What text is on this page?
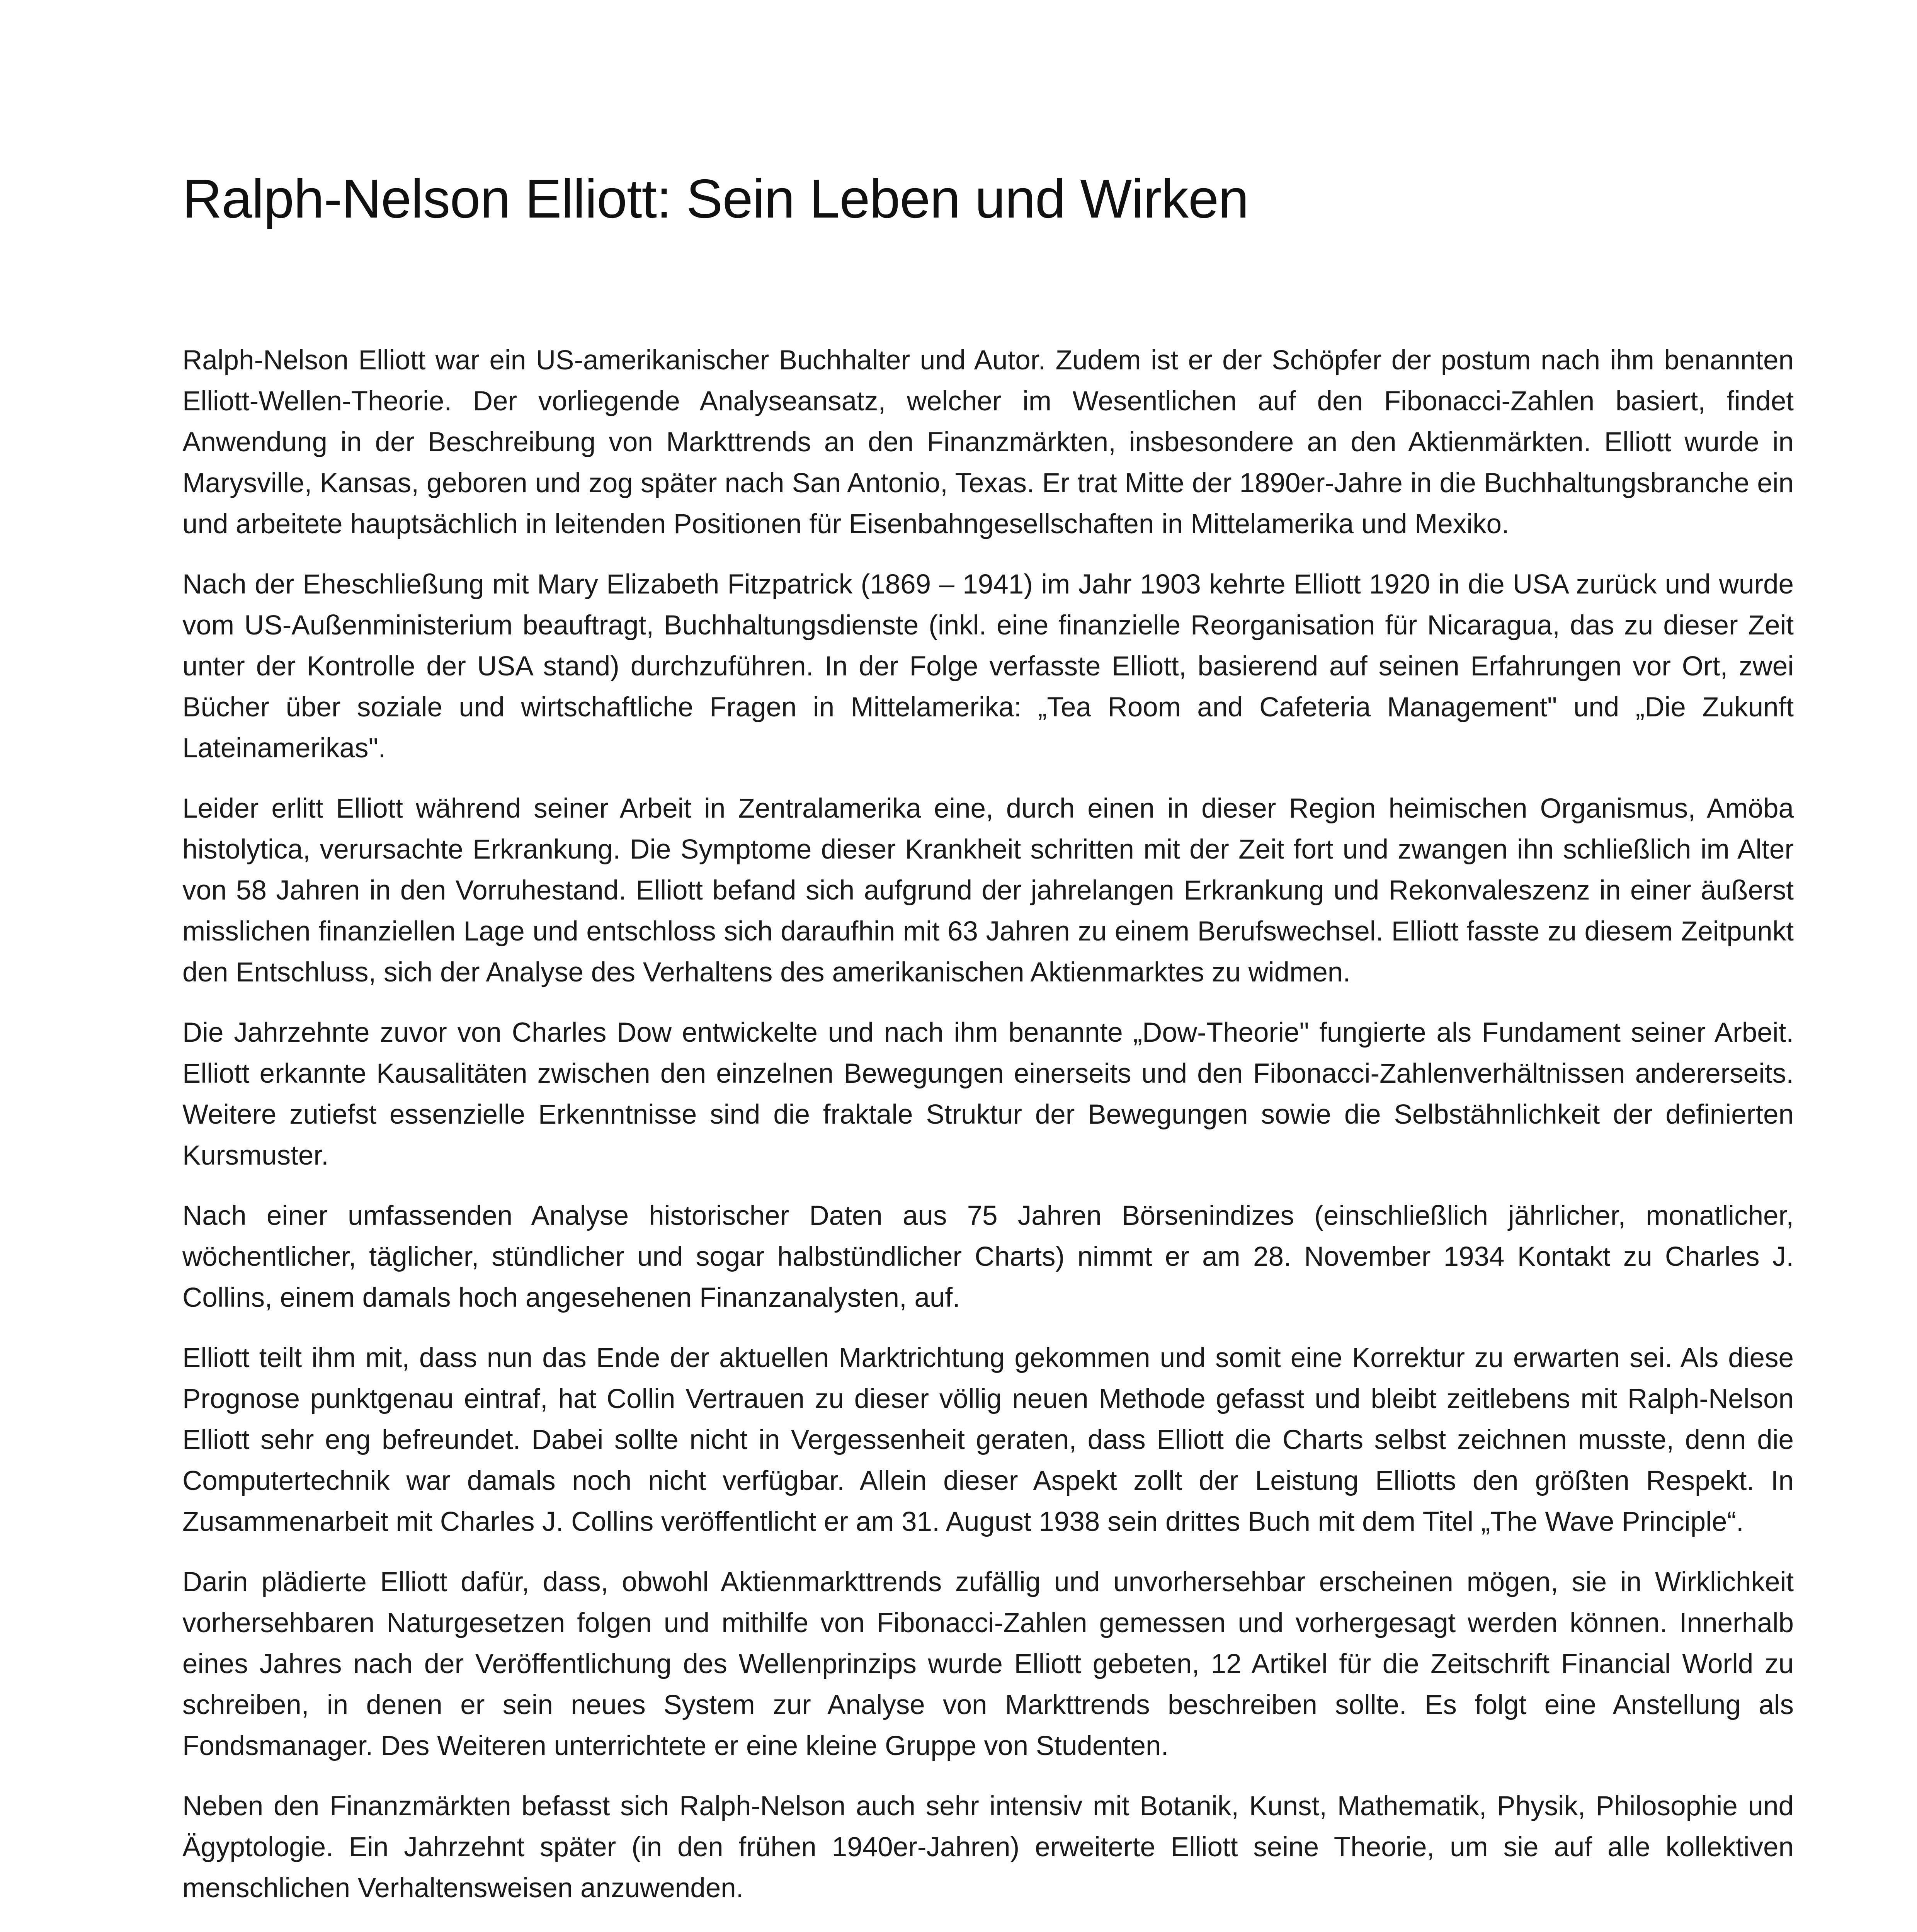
Ralph-Nelson Elliott: Sein Leben und Wirken

Ralph-Nelson Elliott war ein US-amerikanischer Buchhalter und Autor. Zudem ist er der Schöpfer der postum nach ihm benannten Elliott-Wellen-Theorie. Der vorliegende Analyseansatz, welcher im Wesentlichen auf den Fibonacci-Zahlen basiert, findet Anwendung in der Beschreibung von Markttrends an den Finanzmärkten, insbesondere an den Aktienmärkten. Elliott wurde in Marysville, Kansas, geboren und zog später nach San Antonio, Texas. Er trat Mitte der 1890er-Jahre in die Buchhaltungsbranche ein und arbeitete hauptsächlich in leitenden Positionen für Eisenbahngesellschaften in Mittelamerika und Mexiko.

Nach der Eheschließung mit Mary Elizabeth Fitzpatrick (1869 – 1941) im Jahr 1903 kehrte Elliott 1920 in die USA zurück und wurde vom US-Außenministerium beauftragt, Buchhaltungsdienste (inkl. eine finanzielle Reorganisation für Nicaragua, das zu dieser Zeit unter der Kontrolle der USA stand) durchzuführen. In der Folge verfasste Elliott, basierend auf seinen Erfahrungen vor Ort, zwei Bücher über soziale und wirtschaftliche Fragen in Mittelamerika: „Tea Room and Cafeteria Management" und „Die Zukunft Lateinamerikas".

Leider erlitt Elliott während seiner Arbeit in Zentralamerika eine, durch einen in dieser Region heimischen Organismus, Amöba histolytica, verursachte Erkrankung. Die Symptome dieser Krankheit schritten mit der Zeit fort und zwangen ihn schließlich im Alter von 58 Jahren in den Vorruhestand. Elliott befand sich aufgrund der jahrelangen Erkrankung und Rekonvaleszenz in einer äußerst misslichen finanziellen Lage und entschloss sich daraufhin mit 63 Jahren zu einem Berufswechsel. Elliott fasste zu diesem Zeitpunkt den Entschluss, sich der Analyse des Verhaltens des amerikanischen Aktienmarktes zu widmen.

Die Jahrzehnte zuvor von Charles Dow entwickelte und nach ihm benannte „Dow-Theorie" fungierte als Fundament seiner Arbeit. Elliott erkannte Kausalitäten zwischen den einzelnen Bewegungen einerseits und den Fibonacci-Zahlenverhältnissen andererseits. Weitere zutiefst essenzielle Erkenntnisse sind die fraktale Struktur der Bewegungen sowie die Selbstähnlichkeit der definierten Kursmuster.

Nach einer umfassenden Analyse historischer Daten aus 75 Jahren Börsenindizes (einschließlich jährlicher, monatlicher, wöchentlicher, täglicher, stündlicher und sogar halbstündlicher Charts) nimmt er am 28. November 1934 Kontakt zu Charles J. Collins, einem damals hoch angesehenen Finanzanalysten, auf.

Elliott teilt ihm mit, dass nun das Ende der aktuellen Marktrichtung gekommen und somit eine Korrektur zu erwarten sei. Als diese Prognose punktgenau eintraf, hat Collin Vertrauen zu dieser völlig neuen Methode gefasst und bleibt zeitlebens mit Ralph-Nelson Elliott sehr eng befreundet. Dabei sollte nicht in Vergessenheit geraten, dass Elliott die Charts selbst zeichnen musste, denn die Computertechnik war damals noch nicht verfügbar. Allein dieser Aspekt zollt der Leistung Elliotts den größten Respekt. In Zusammenarbeit mit Charles J. Collins veröffentlicht er am 31. August 1938 sein drittes Buch mit dem Titel „The Wave Principle“.

Darin plädierte Elliott dafür, dass, obwohl Aktienmarkttrends zufällig und unvorhersehbar erscheinen mögen, sie in Wirklichkeit vorhersehbaren Naturgesetzen folgen und mithilfe von Fibonacci-Zahlen gemessen und vorhergesagt werden können. Innerhalb eines Jahres nach der Veröffentlichung des Wellenprinzips wurde Elliott gebeten, 12 Artikel für die Zeitschrift Financial World zu schreiben, in denen er sein neues System zur Analyse von Markttrends beschreiben sollte. Es folgt eine Anstellung als Fondsmanager. Des Weiteren unterrichtete er eine kleine Gruppe von Studenten.

Neben den Finanzmärkten befasst sich Ralph-Nelson auch sehr intensiv mit Botanik, Kunst, Mathematik, Physik, Philosophie und Ägyptologie. Ein Jahrzehnt später (in den frühen 1940er-Jahren) erweiterte Elliott seine Theorie, um sie auf alle kollektiven menschlichen Verhaltensweisen anzuwenden.
